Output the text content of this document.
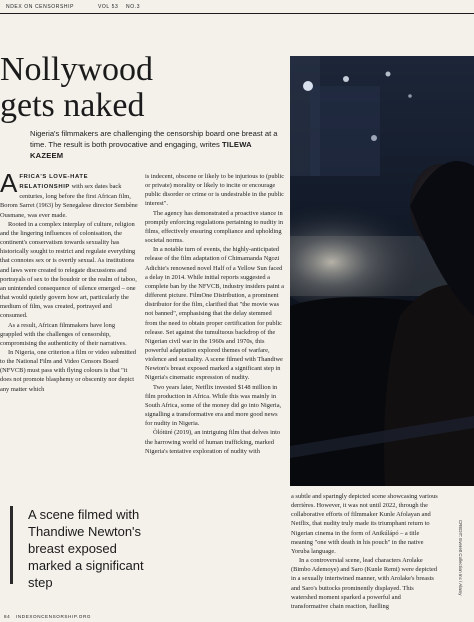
NDEX ON CENSORSHIP	VOL 53 NO.3
Nollywood
gets naked
Nigeria's filmmakers are challenging the censorship board one breast at a time. The result is both provocative and engaging, writes TILEWA KAZEEM

AFRICA'S LOVE-HATE RELATIONSHIP with sex dates back centuries, long before the first African film, Borom Sarret (1963) by Senegalese director Sembène Ousmane, was ever made.

Rooted in a complex interplay of culture, religion and the lingering influences of colonisation, the continent's conservatism towards sexuality has historically sought to restrict and regulate everything that connotes sex or is overtly sexual. As institutions and laws were created to relegate discussions and portrayals of sex to the boudoir or the realm of taboo, an unintended consequence of silence emerged – one that would quietly govern how art, particularly the medium of film, was created, portrayed and consumed.

As a result, African filmmakers have long grappled with the challenges of censorship, compromising the authenticity of their narratives.

In Nigeria, one criterion a film or video submitted to the National Film and Video Censors Board (NFVCB) must pass with flying colours is that "it does not promote blasphemy or obscenity nor depict any matter which

is indecent, obscene or likely to be injurious to (public or private) morality or likely to incite or encourage public disorder or crime or is undesirable in the public interest".

The agency has demonstrated a proactive stance in promptly enforcing regulations pertaining to nudity in films, effectively ensuring compliance and upholding societal norms.

In a notable turn of events, the highly-anticipated release of the film adaptation of Chimamanda Ngozi Adichie's renowned novel Half of a Yellow Sun faced a delay in 2014. While initial reports suggested a complete ban by the NFVCB, industry insiders paint a different picture. FilmOne Distribution, a prominent distributor for the film, clarified that "the movie was not banned", emphasising that the delay stemmed from the need to obtain proper certification for public release. Set against the tumultuous backdrop of the Nigerian civil war in the 1960s and 1970s, this powerful adaptation explored themes of warfare, violence and sexuality. A scene filmed with Thandiwe Newton's breast exposed marked a significant step in Nigeria's cinematic expression of nudity.

Two years later, Netflix invested $148 million in film production in Africa. While this was mainly in South Africa, some of the money did go into Nigeria, signalling a transformative era and more good news for nudity in Nigeria.

Òlótūré (2019), an intriguing film that delves into the harrowing world of human trafficking, marked Nigeria's tentative exploration of nudity with

a subtle and sparingly depicted scene showcasing various derrières. However, it was not until 2022, through the collaborative efforts of filmmaker Kunle Afolayan and Netflix, that nudity truly made its triumphant return to Nigerian cinema in the form of Anikúlápó – a title meaning "one with death in his pouch" in the native Yoruba language.

In a controversial scene, lead characters Arolake (Bimbo Ademoye) and Saro (Kunle Remi) were depicted in a sexually intertwined manner, with Arolake's breasts and Saro's buttocks prominently displayed. This watershed moment sparked a powerful and transformative chain reaction, fuelling

A scene filmed with Thandiwe Newton's breast exposed marked a significant step	CREDIT: Everett Collection Inc / Alamy
84 INDEXONCENSORSHIP.ORG
